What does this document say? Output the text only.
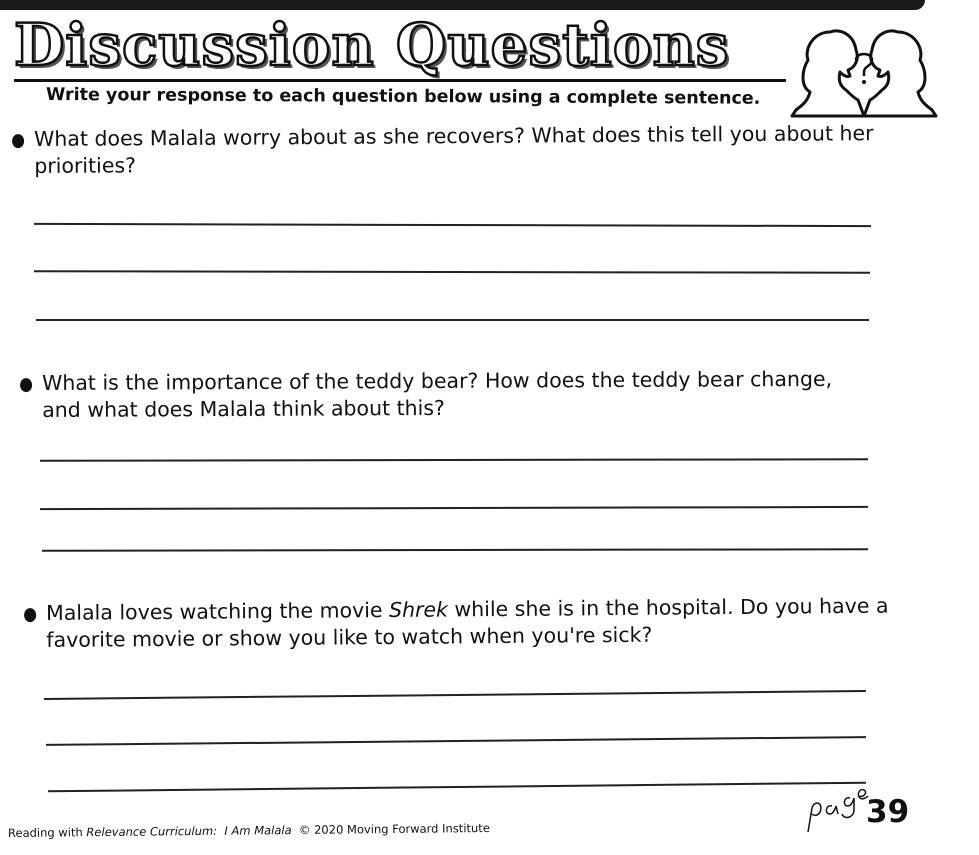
Discussion Questions

Write your response to each question below using a complete sentence.

What does Malala worry about as she recovers? What does this tell you about her priorities?
What is the importance of the teddy bear? How does the teddy bear change, and what does Malala think about this?
Malala loves watching the movie Shrek while she is in the hospital. Do you have a favorite movie or show you like to watch when you're sick?

Reading with Relevance Curriculum: I Am Malala © 2020 Moving Forward Institute	39
